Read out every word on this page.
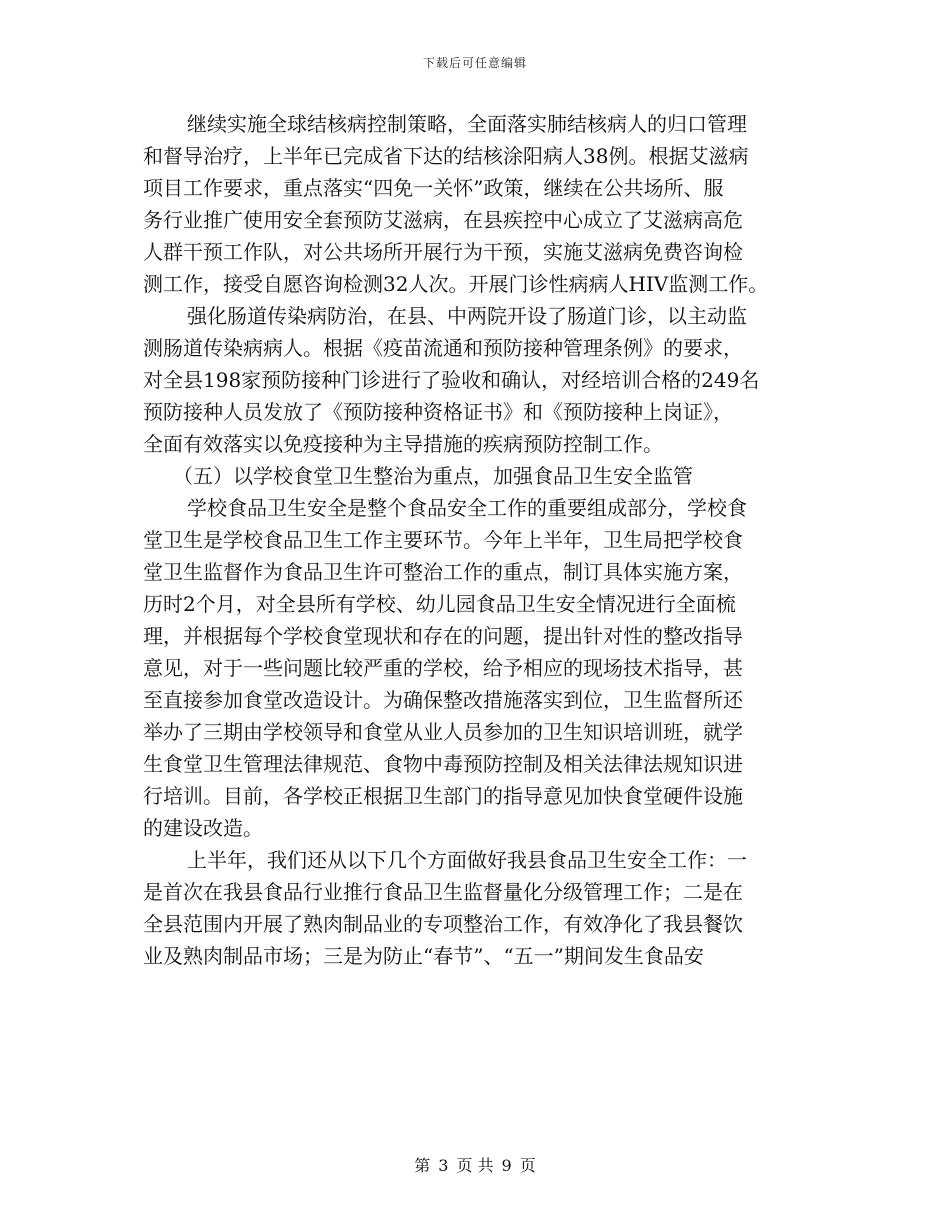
下载后可任意编辑
继续实施全球结核病控制策略，全面落实肺结核病人的归口管理
和督导治疗，上半年已完成省下达的结核涂阳病人38例。根据艾滋病
项目工作要求，重点落实“四免一关怀”政策，继续在公共场所、服
务行业推广使用安全套预防艾滋病，在县疾控中心成立了艾滋病高危
人群干预工作队，对公共场所开展行为干预，实施艾滋病免费咨询检
测工作，接受自愿咨询检测32人次。开展门诊性病病人HIV监测工作。
强化肠道传染病防治，在县、中两院开设了肠道门诊，以主动监
测肠道传染病病人。根据《疫苗流通和预防接种管理条例》的要求，
对全县198家预防接种门诊进行了验收和确认，对经培训合格的249名
预防接种人员发放了《预防接种资格证书》和《预防接种上岗证》，
全面有效落实以免疫接种为主导措施的疾病预防控制工作。
（五）以学校食堂卫生整治为重点，加强食品卫生安全监管
学校食品卫生安全是整个食品安全工作的重要组成部分，学校食
堂卫生是学校食品卫生工作主要环节。今年上半年，卫生局把学校食
堂卫生监督作为食品卫生许可整治工作的重点，制订具体实施方案，
历时2个月，对全县所有学校、幼儿园食品卫生安全情况进行全面梳
理，并根据每个学校食堂现状和存在的问题，提出针对性的整改指导
意见，对于一些问题比较严重的学校，给予相应的现场技术指导，甚
至直接参加食堂改造设计。为确保整改措施落实到位，卫生监督所还
举办了三期由学校领导和食堂从业人员参加的卫生知识培训班，就学
生食堂卫生管理法律规范、食物中毒预防控制及相关法律法规知识进
行培训。目前，各学校正根据卫生部门的指导意见加快食堂硬件设施
的建设改造。
上半年，我们还从以下几个方面做好我县食品卫生安全工作：一
是首次在我县食品行业推行食品卫生监督量化分级管理工作；二是在
全县范围内开展了熟肉制品业的专项整治工作，有效净化了我县餐饮
业及熟肉制品市场；三是为防止“春节”、“五一”期间发生食品安
第 3 页 共 9 页
